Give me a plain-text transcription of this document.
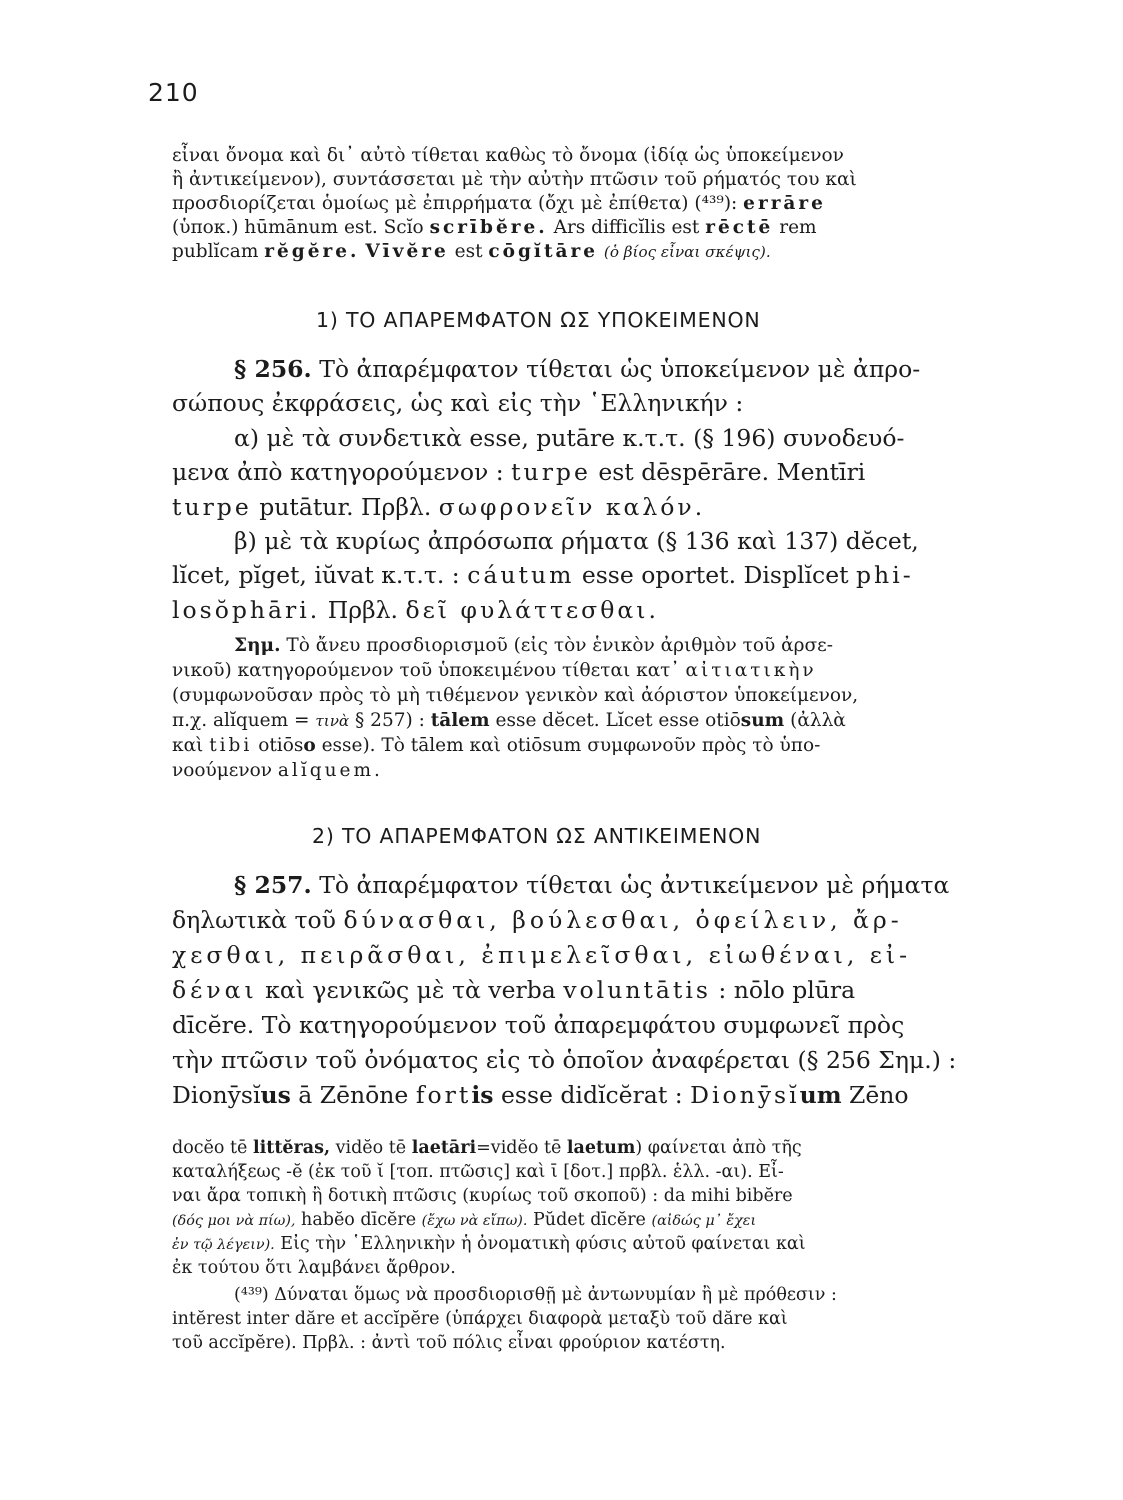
210
εἶναι ὄνομα καὶ δι᾽ αὐτὸ τίθεται καθὼς τὸ ὄνομα (ἰδίᾳ ὡς ὑποκείμενον
ἢ ἀντικείμενον), συντάσσεται μὲ τὴν αὐτὴν πτῶσιν τοῦ ρήματός του καὶ
προσδιορίζεται ὁμοίως μὲ ἐπιρρήματα (ὄχι μὲ ἐπίθετα) (⁴³⁹): errāre
(ὑποκ.) hūmānum est. Scĭo scrībĕre. Ars difficĭlis est rēctē rem
publĭcam rĕgĕre. Vīvĕre est cōgĭtāre (ὁ βίος εἶναι σκέψις).
1) ΤΟ ΑΠΑΡΕΜΦΑΤΟΝ ΩΣ ΥΠΟΚΕΙΜΕΝΟΝ
§ 256. Τὸ ἀπαρέμφατον τίθεται ὡς ὑποκείμενον μὲ ἀπρο-
σώπους ἐκφράσεις, ὡς καὶ εἰς τὴν ῾Ελληνικήν :
α) μὲ τὰ συνδετικὰ esse, putāre κ.τ.τ. (§ 196) συνοδευό-
μενα ἀπὸ κατηγορούμενον : turpe est dēspērāre. Mentīri
turpe putātur. Πρβλ. σωφρονεῖν καλόν.
β) μὲ τὰ κυρίως ἀπρόσωπα ρήματα (§ 136 καὶ 137) dĕcet,
lĭcet, pĭget, iŭvat κ.τ.τ. : cáutum esse oportet. Displĭcet phi-
losŏphāri. Πρβλ. δεῖ φυλάττεσθαι.
Σημ. Τὸ ἄνευ προσδιορισμοῦ (εἰς τὸν ἑνικὸν ἀριθμὸν τοῦ ἀρσε-
νικοῦ) κατηγορούμενον τοῦ ὑποκειμένου τίθεται κατ᾽ αἰτιατικὴν
(συμφωνοῦσαν πρὸς τὸ μὴ τιθέμενον γενικὸν καὶ ἀόριστον ὑποκείμενον,
π.χ. alĭquem = τινὰ § 257) : tālem esse dĕcet. Lĭcet esse otiōsum (ἀλλὰ
καὶ tibi otiōso esse). Τὸ tālem καὶ otiōsum συμφωνοῦν πρὸς τὸ ὑπο-
νοούμενον alĭquem.
2) ΤΟ ΑΠΑΡΕΜΦΑΤΟΝ ΩΣ ΑΝΤΙΚΕΙΜΕΝΟΝ
§ 257. Τὸ ἀπαρέμφατον τίθεται ὡς ἀντικείμενον μὲ ρήματα
δηλωτικὰ τοῦ δύνασθαι, βούλεσθαι, ὀφείλειν, ἄρ-
χεσθαι, πειρᾶσθαι, ἐπιμελεῖσθαι, εἰωθέναι, εἰ-
δέναι καὶ γενικῶς μὲ τὰ verba voluntātis : nōlo plūra
dīcĕre. Τὸ κατηγορούμενον τοῦ ἀπαρεμφάτου συμφωνεῖ πρὸς
τὴν πτῶσιν τοῦ ὀνόματος εἰς τὸ ὁποῖον ἀναφέρεται (§ 256 Σημ.) :
Dionȳsĭus ā Zēnōne fortis esse didĭcĕrat : Dionȳsĭum Zēno
docĕo tē littĕras, vidĕo tē laetāri=vidĕo tē laetum) φαίνεται ἀπὸ τῆς
καταλήξεως -ĕ (ἐκ τοῦ ῐ [τοπ. πτῶσις] καὶ ῑ [δοτ.] πρβλ. ἑλλ. -αι). Εἶ-
ναι ἄρα τοπικὴ ἢ δοτικὴ πτῶσις (κυρίως τοῦ σκοποῦ) : da mihi bibĕre
(δός μοι νὰ πίω), habĕo dīcĕre (ἔχω νὰ εἴπω). Pŭdet dīcĕre (αἰδώς μ᾽ ἔχει
ἐν τῷ λέγειν). Εἰς τὴν ῾Ελληνικὴν ἡ ὀνοματικὴ φύσις αὐτοῦ φαίνεται καὶ
ἐκ τούτου ὅτι λαμβάνει ἄρθρον.
(⁴³⁹) Δύναται ὅμως νὰ προσδιορισθῇ μὲ ἀντωνυμίαν ἢ μὲ πρόθεσιν :
intĕrest inter dăre et accĭpĕre (ὑπάρχει διαφορὰ μεταξὺ τοῦ dăre καὶ
τοῦ accĭpĕre). Πρβλ. : ἀντὶ τοῦ πόλις εἶναι φρούριον κατέστη.
